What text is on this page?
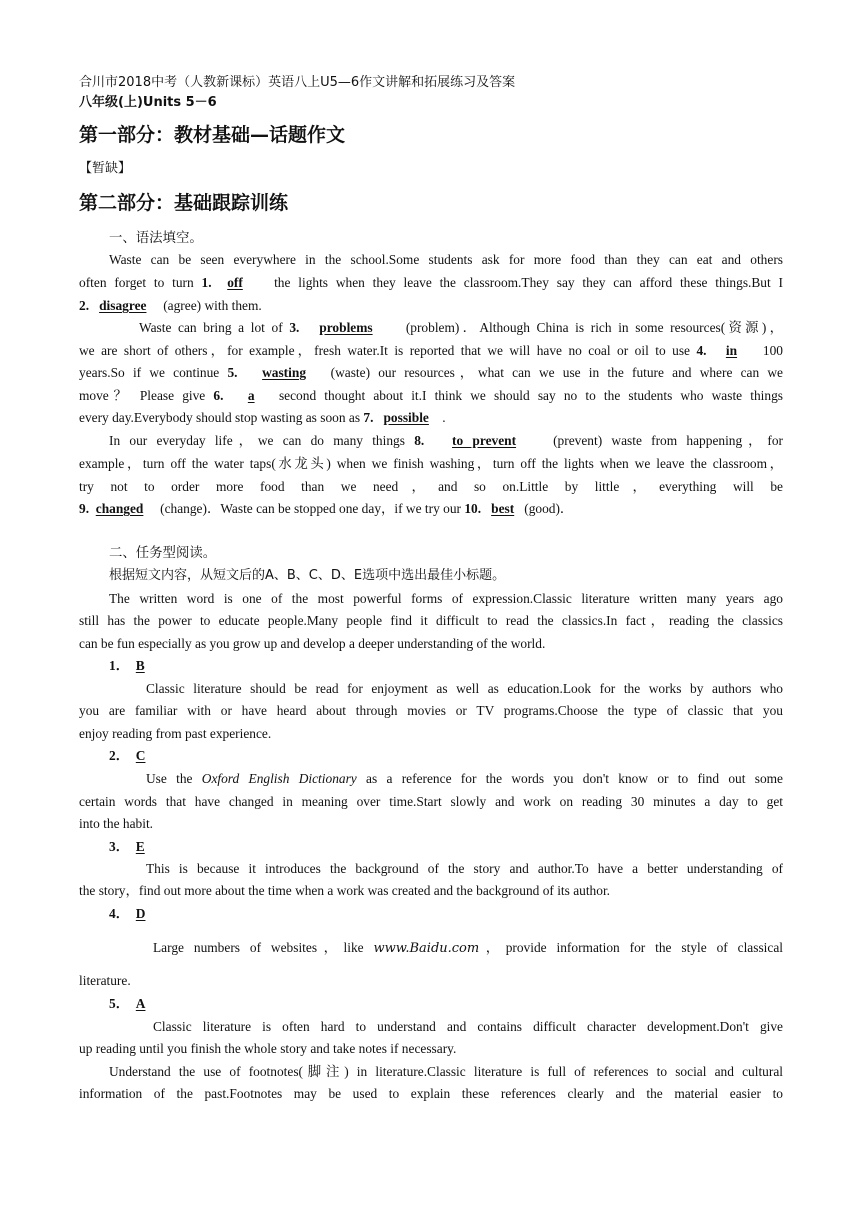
合川市2018中考（人教新课标）英语八上U5—6作文讲解和拓展练习及答案
八年级(上)Units 5－6
第一部分：教材基础—话题作文
【暂缺】
第二部分：基础跟踪训练
一、语法填空。
Waste can be seen everywhere in the school.Some students ask for more food than they can eat and others
often forget to turn 1. off    the lights when they leave the classroom.They say they can afford these things.But I
2. disagree (agree) with them.
Waste can bring a lot of 3. problems (problem)．Although China is rich in some resources(资源)，
we are short of others，for example，fresh water.It is reported that we will have no coal or oil to use 4. in 100
years.So if we continue 5. wasting (waste) our resources，what can we use in the future and where can we
move？ Please give 6. a second thought about it.I think we should say no to the students who waste things
every day.Everybody should stop wasting as soon as 7. possible .
In our everyday life，we can do many things 8. to prevent	(prevent) waste from happening，for
example，turn off the water taps(水龙头) when we finish washing，turn off the lights when we leave the classroom，
try not to order more food than we need，and so on.Little by little，everything will be
9. changed (change)．Waste can be stopped one day，if we try our 10. best (good)．
二、任务型阅读。
根据短文内容，从短文后的A、B、C、D、E选项中选出最佳小标题。
The written word is one of the most powerful forms of expression.Classic literature written many years ago
still has the power to educate people.Many people find it difficult to read the classics.In fact，reading the classics
can be fun especially as you grow up and develop a deeper understanding of the world.
1． B
Classic literature should be read for enjoyment as well as education.Look for the works by authors who
you are familiar with or have heard about through movies or TV programs.Choose the type of classic that you
enjoy reading from past experience.
2． C
Use the Oxford English Dictionary as a reference for the words you don't know or to find out some
certain words that have changed in meaning over time.Start slowly and work on reading 30 minutes a day to get
into the habit.
3． E
This is because it introduces the background of the story and author.To have a better understanding of
the story，find out more about the time when a work was created and the background of its author.
4． D
Large numbers of websites，like www.Baidu.com，provide information for the style of classical
literature.
5． A
Classic literature is often hard to understand and contains difficult character development.Don't give
up reading until you finish the whole story and take notes if necessary.
Understand the use of footnotes(脚注) in literature.Classic literature is full of references to social and cultural
information of the past.Footnotes may be used to explain these references clearly and the material easier to
